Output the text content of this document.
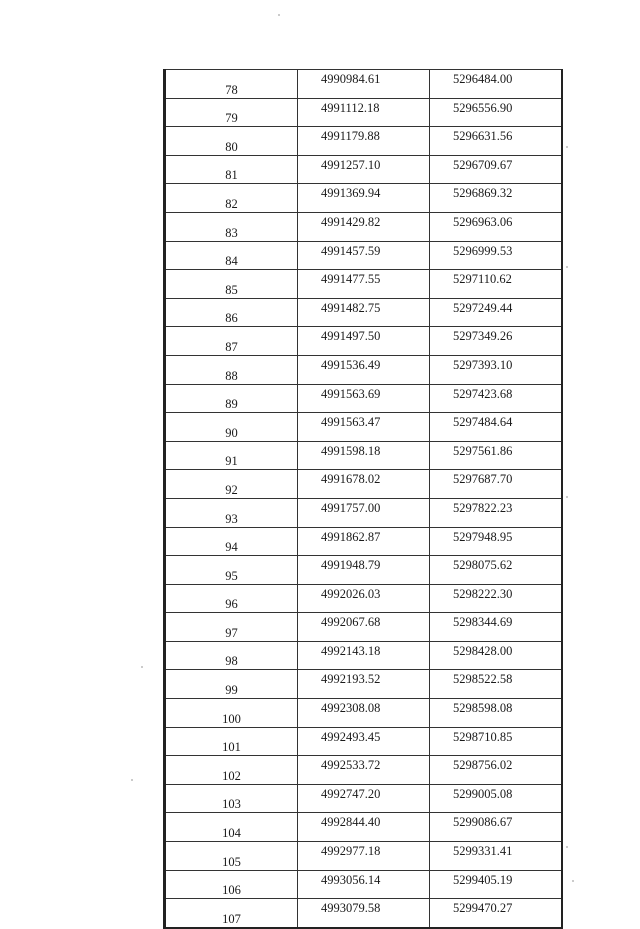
78	4990984.61	5296484.00
79	4991112.18	5296556.90
80	4991179.88	5296631.56
81	4991257.10	5296709.67
82	4991369.94	5296869.32
83	4991429.82	5296963.06
84	4991457.59	5296999.53
85	4991477.55	5297110.62
86	4991482.75	5297249.44
87	4991497.50	5297349.26
88	4991536.49	5297393.10
89	4991563.69	5297423.68
90	4991563.47	5297484.64
91	4991598.18	5297561.86
92	4991678.02	5297687.70
93	4991757.00	5297822.23
94	4991862.87	5297948.95
95	4991948.79	5298075.62
96	4992026.03	5298222.30
97	4992067.68	5298344.69
98	4992143.18	5298428.00
99	4992193.52	5298522.58
100	4992308.08	5298598.08
101	4992493.45	5298710.85
102	4992533.72	5298756.02
103	4992747.20	5299005.08
104	4992844.40	5299086.67
105	4992977.18	5299331.41
106	4993056.14	5299405.19
107	4993079.58	5299470.27
